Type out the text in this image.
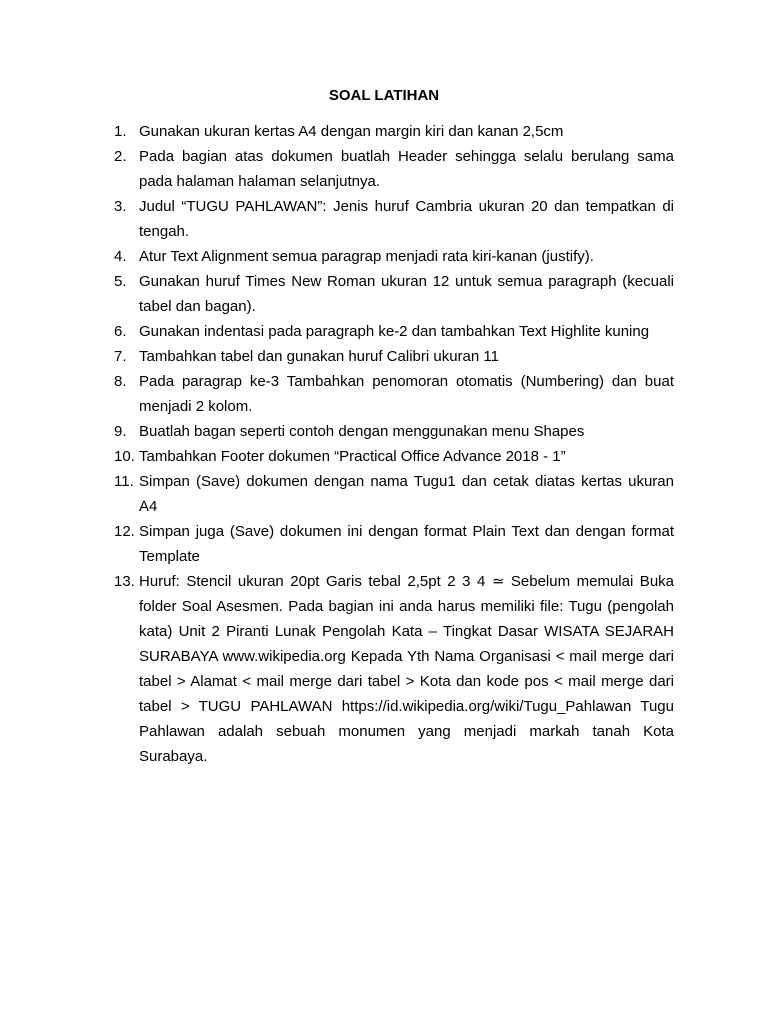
SOAL LATIHAN
1. Gunakan ukuran kertas A4 dengan margin kiri dan kanan 2,5cm
2. Pada bagian atas dokumen buatlah Header sehingga selalu berulang sama pada halaman halaman selanjutnya.
3. Judul “TUGU PAHLAWAN”: Jenis huruf Cambria ukuran 20 dan tempatkan di tengah.
4. Atur Text Alignment semua paragrap menjadi rata kiri-kanan (justify).
5. Gunakan huruf Times New Roman ukuran 12 untuk semua paragraph (kecuali tabel dan bagan).
6. Gunakan indentasi pada paragraph ke-2 dan tambahkan Text Highlite kuning
7. Tambahkan tabel dan gunakan huruf Calibri ukuran 11
8. Pada paragrap ke-3 Tambahkan penomoran otomatis (Numbering) dan buat menjadi 2 kolom.
9. Buatlah bagan seperti contoh dengan menggunakan menu Shapes
10. Tambahkan Footer dokumen “Practical Office Advance 2018 - 1”
11. Simpan (Save) dokumen dengan nama Tugu1 dan cetak diatas kertas ukuran A4
12. Simpan juga (Save) dokumen ini dengan format Plain Text dan dengan format Template
13. Huruf: Stencil ukuran 20pt Garis tebal 2,5pt 2 3 4 ≃ Sebelum memulai Buka folder Soal Asesmen. Pada bagian ini anda harus memiliki file: Tugu (pengolah kata) Unit 2 Piranti Lunak Pengolah Kata – Tingkat Dasar WISATA SEJARAH SURABAYA www.wikipedia.org Kepada Yth Nama Organisasi < mail merge dari tabel > Alamat < mail merge dari tabel > Kota dan kode pos < mail merge dari tabel > TUGU PAHLAWAN https://id.wikipedia.org/wiki/Tugu_Pahlawan Tugu Pahlawan adalah sebuah monumen yang menjadi markah tanah Kota Surabaya.
